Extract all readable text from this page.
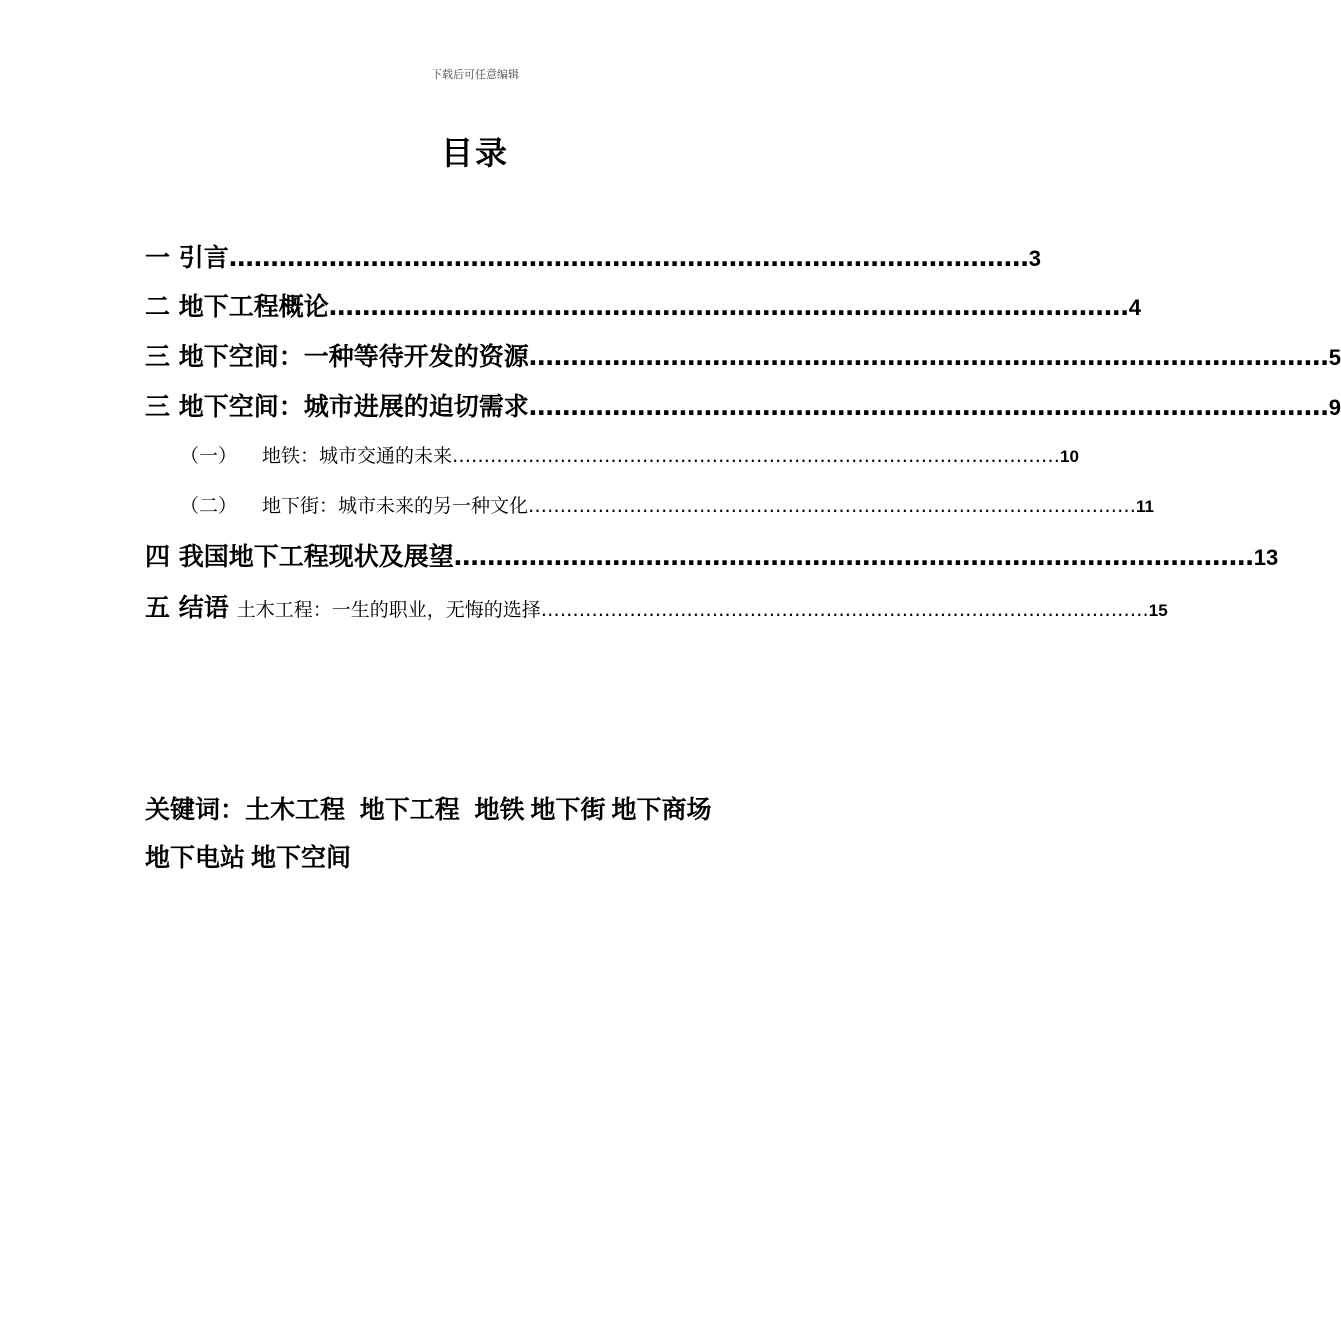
下载后可任意编辑
目录
一 引言 …………………………………………………………………………………… 3
二 地下工程概论 …………………………………………………………………………………… 4
三 地下空间：一种等待开发的资源 …………………………………………………………………………………… 5
三 地下空间：城市进展的迫切需求 …………………………………………………………………………………… 9
（一）	地铁：城市交通的未来 …………………………………………………………………………………… 10
（二）	地下街：城市未来的另一种文化 …………………………………………………………………………………… 11
四 我国地下工程现状及展望 …………………………………………………………………………………… 13
五 结语 土木工程：一生的职业，无悔的选择 …………………………………………………………………………………… 15
关键词：土木工程 地下工程 地铁 地下街 地下商场
地下电站 地下空间
